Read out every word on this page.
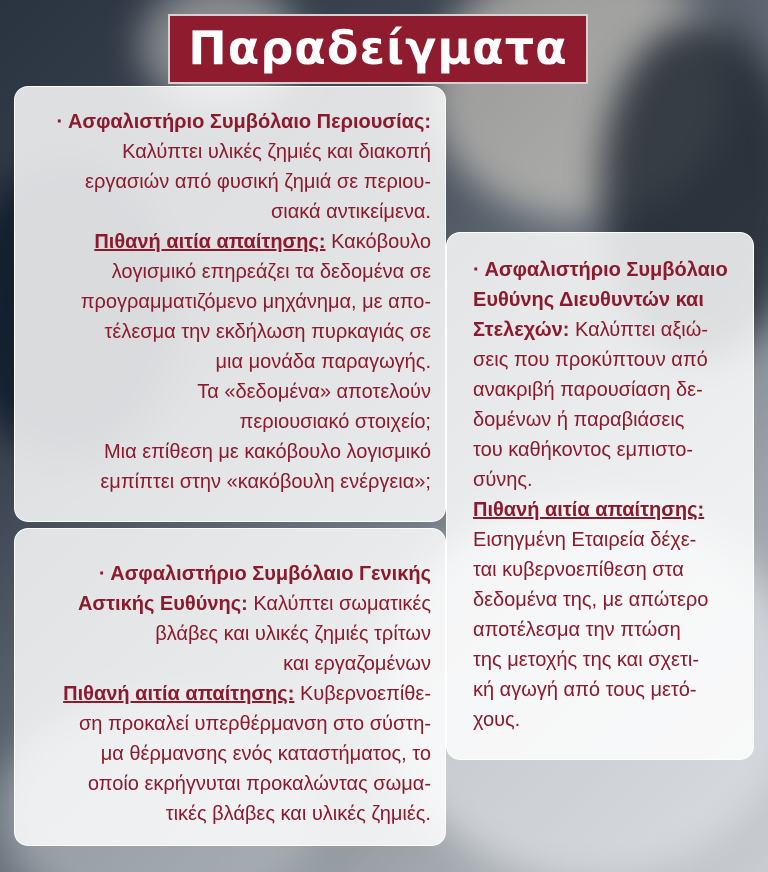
Παραδείγματα

· Ασφαλιστήριο Συμβόλαιο Περιουσίας:

Καλύπτει υλικές ζημιές και διακοπή

εργασιών από φυσική ζημιά σε περιου-

σιακά αντικείμενα.

Πιθανή αιτία απαίτησης: Κακόβουλο

λογισμικό επηρεάζει τα δεδομένα σε

προγραμματιζόμενο μηχάνημα, με απο-

τέλεσμα την εκδήλωση πυρκαγιάς σε

μια μονάδα παραγωγής.

Τα «δεδομένα» αποτελούν

περιουσιακό στοιχείο;

Μια επίθεση με κακόβουλο λογισμικό

εμπίπτει στην «κακόβουλη ενέργεια»;

· Ασφαλιστήριο Συμβόλαιο Γενικής

Αστικής Ευθύνης: Καλύπτει σωματικές

βλάβες και υλικές ζημιές τρίτων

και εργαζομένων

Πιθανή αιτία απαίτησης: Κυβερνοεπίθε-

ση προκαλεί υπερθέρμανση στο σύστη-

μα θέρμανσης ενός καταστήματος, το

οποίο εκρήγνυται προκαλώντας σωμα-

τικές βλάβες και υλικές ζημιές.

· Ασφαλιστήριο Συμβόλαιο

Ευθύνης Διευθυντών και

Στελεχών: Καλύπτει αξιώ-

σεις που προκύπτουν από

ανακριβή παρουσίαση δε-

δομένων ή παραβιάσεις

του καθήκοντος εμπιστο-

σύνης.

Πιθανή αιτία απαίτησης:

Εισηγμένη Εταιρεία δέχε-

ται κυβερνοεπίθεση στα

δεδομένα της, με απώτερο

αποτέλεσμα την πτώση

της μετοχής της και σχετι-

κή αγωγή από τους μετό-

χους.
